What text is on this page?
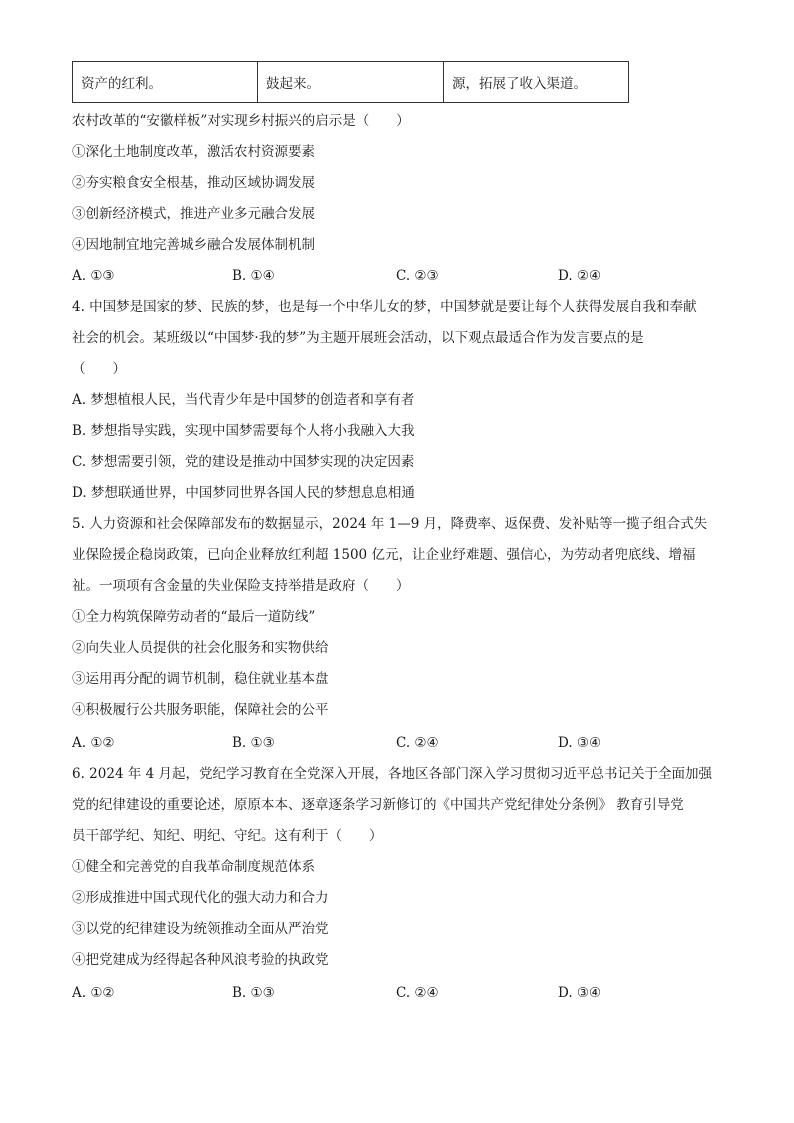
资产的红利。	鼓起来。	源，拓展了收入渠道。
农村改革的“安徽样板”对实现乡村振兴的启示是（　　）
①深化土地制度改革，激活农村资源要素
②夯实粮食安全根基，推动区域协调发展
③创新经济模式，推进产业多元融合发展
④因地制宜地完善城乡融合发展体制机制
A. ①③	B. ①④	C. ②③	D. ②④
4. 中国梦是国家的梦、民族的梦，也是每一个中华儿女的梦，中国梦就是要让每个人获得发展自我和奉献
社会的机会。某班级以“中国梦·我的梦”为主题开展班会活动，以下观点最适合作为发言要点的是
（　　）
A. 梦想植根人民，当代青少年是中国梦的创造者和享有者
B. 梦想指导实践，实现中国梦需要每个人将小我融入大我
C. 梦想需要引领，党的建设是推动中国梦实现的决定因素
D. 梦想联通世界，中国梦同世界各国人民的梦想息息相通
5. 人力资源和社会保障部发布的数据显示，2024 年 1—9 月，降费率、返保费、发补贴等一揽子组合式失
业保险援企稳岗政策，已向企业释放红利超 1500 亿元，让企业纾难题、强信心，为劳动者兜底线、增福
祉。一项项有含金量的失业保险支持举措是政府（　　）
①全力构筑保障劳动者的“最后一道防线”
②向失业人员提供的社会化服务和实物供给
③运用再分配的调节机制，稳住就业基本盘
④积极履行公共服务职能，保障社会的公平
A. ①②	B. ①③	C. ②④	D. ③④
6. 2024 年 4 月起，党纪学习教育在全党深入开展，各地区各部门深入学习贯彻习近平总书记关于全面加强
党的纪律建设的重要论述，原原本本、逐章逐条学习新修订的《中国共产党纪律处分条例》 教育引导党
员干部学纪、知纪、明纪、守纪。这有利于（　　）
①健全和完善党的自我革命制度规范体系
②形成推进中国式现代化的强大动力和合力
③以党的纪律建设为统领推动全面从严治党
④把党建成为经得起各种风浪考验的执政党
A. ①②	B. ①③	C. ②④	D. ③④
